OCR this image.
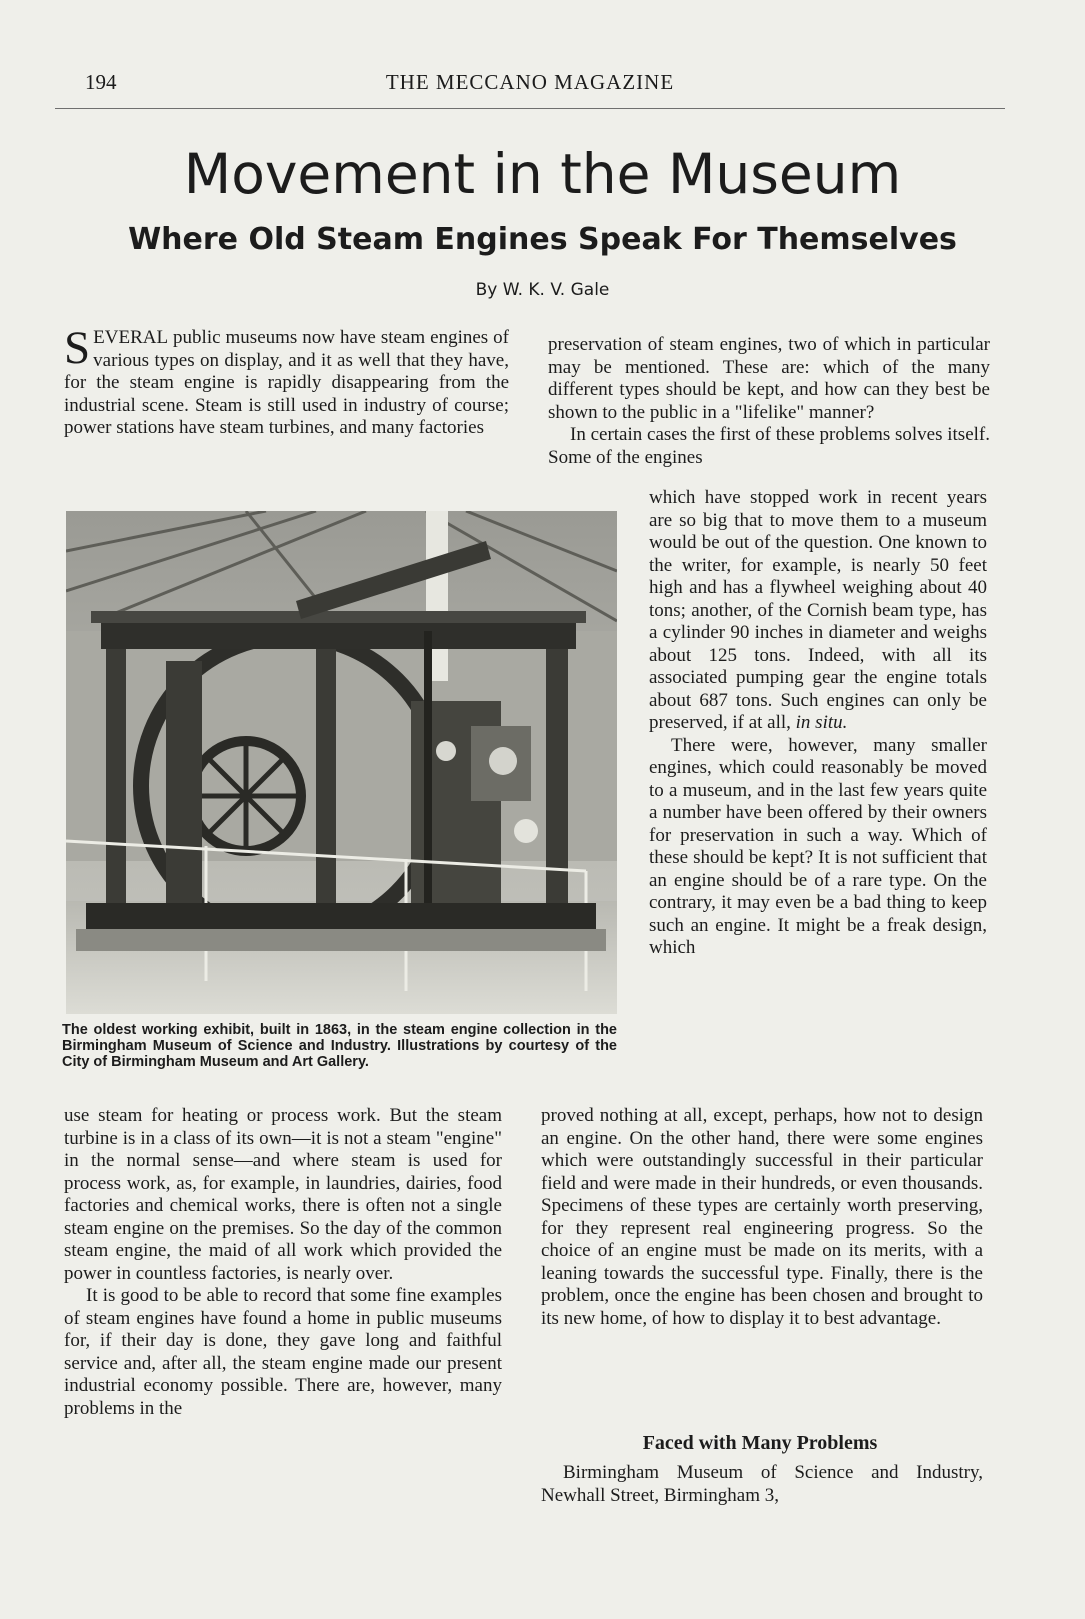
194	THE MECCANO MAGAZINE
Movement in the Museum
Where Old Steam Engines Speak For Themselves
By W. K. V. Gale

SEVERAL public museums now have steam engines of various types on display, and it as well that they have, for the steam engine is rapidly disappearing from the industrial scene. Steam is still used in industry of course; power stations have steam turbines, and many factories

preservation of steam engines, two of which in particular may be mentioned. These are: which of the many different types should be kept, and how can they best be shown to the public in a "lifelike" manner?

In certain cases the first of these problems solves itself. Some of the engines

The oldest working exhibit, built in 1863, in the steam engine collection in the Birmingham Museum of Science and Industry. Illustrations by courtesy of the City of Birmingham Museum and Art Gallery.

which have stopped work in recent years are so big that to move them to a museum would be out of the question. One known to the writer, for example, is nearly 50 feet high and has a flywheel weighing about 40 tons; another, of the Cornish beam type, has a cylinder 90 inches in diameter and weighs about 125 tons. Indeed, with all its associated pumping gear the engine totals about 687 tons. Such engines can only be preserved, if at all, in situ.

There were, however, many smaller engines, which could reasonably be moved to a museum, and in the last few years quite a number have been offered by their owners for preservation in such a way. Which of these should be kept? It is not sufficient that an engine should be of a rare type. On the contrary, it may even be a bad thing to keep such an engine. It might be a freak design, which

use steam for heating or process work. But the steam turbine is in a class of its own—it is not a steam "engine" in the normal sense—and where steam is used for process work, as, for example, in laundries, dairies, food factories and chemical works, there is often not a single steam engine on the premises. So the day of the common steam engine, the maid of all work which provided the power in countless factories, is nearly over.

It is good to be able to record that some fine examples of steam engines have found a home in public museums for, if their day is done, they gave long and faithful service and, after all, the steam engine made our present industrial economy possible. There are, however, many problems in the

proved nothing at all, except, perhaps, how not to design an engine. On the other hand, there were some engines which were outstandingly successful in their particular field and were made in their hundreds, or even thousands. Specimens of these types are certainly worth preserving, for they represent real engineering progress. So the choice of an engine must be made on its merits, with a leaning towards the successful type. Finally, there is the problem, once the engine has been chosen and brought to its new home, of how to display it to best advantage.

Faced with Many Problems

Birmingham Museum of Science and Industry, Newhall Street, Birmingham 3,
